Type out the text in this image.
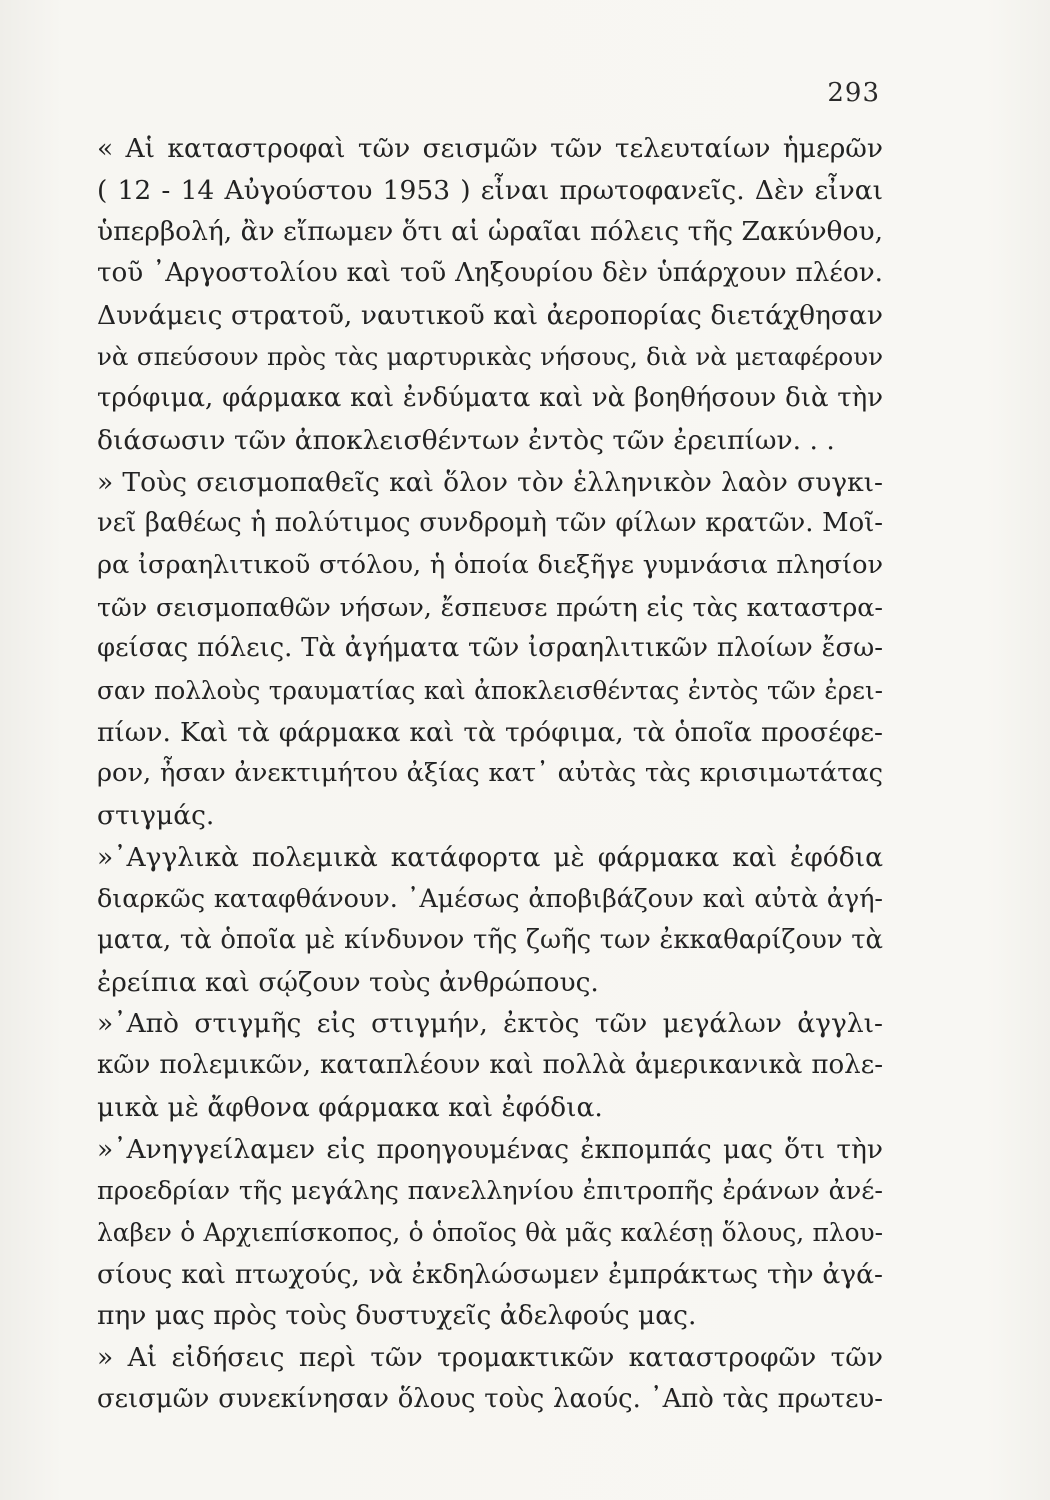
293
« Αἱ καταστροφαὶ τῶν σεισμῶν τῶν τελευταίων ἡμερῶν
( 12 - 14 Αὐγούστου 1953 ) εἶναι πρωτοφανεῖς. Δὲν εἶναι
ὑπερβολή, ἂν εἴπωμεν ὅτι αἱ ὡραῖαι πόλεις τῆς Ζακύνθου,
τοῦ ᾿Αργοστολίου καὶ τοῦ Ληξουρίου δὲν ὑπάρχουν πλέον.
Δυνάμεις στρατοῦ, ναυτικοῦ καὶ ἀεροπορίας διετάχθησαν
νὰ σπεύσουν πρὸς τὰς μαρτυρικὰς νήσους, διὰ νὰ μεταφέρουν
τρόφιμα, φάρμακα καὶ ἐνδύματα καὶ νὰ βοηθήσουν διὰ τὴν
διάσωσιν τῶν ἀποκλεισθέντων ἐντὸς τῶν ἐρειπίων. . .
» Τοὺς σεισμοπαθεῖς καὶ ὅλον τὸν ἑλληνικὸν λαὸν συγκι-
νεῖ βαθέως ἡ πολύτιμος συνδρομὴ τῶν φίλων κρατῶν. Μοῖ-
ρα ἰσραηλιτικοῦ στόλου, ἡ ὁποία διεξῆγε γυμνάσια πλησίον
τῶν σεισμοπαθῶν νήσων, ἔσπευσε πρώτη εἰς τὰς καταστρα-
φείσας πόλεις. Τὰ ἀγήματα τῶν ἰσραηλιτικῶν πλοίων ἔσω-
σαν πολλοὺς τραυματίας καὶ ἀποκλεισθέντας ἐντὸς τῶν ἐρει-
πίων. Καὶ τὰ φάρμακα καὶ τὰ τρόφιμα, τὰ ὁποῖα προσέφε-
ρον, ἦσαν ἀνεκτιμήτου ἀξίας κατ᾽ αὐτὰς τὰς κρισιμωτάτας
στιγμάς.
»᾿Αγγλικὰ πολεμικὰ κατάφορτα μὲ φάρμακα καὶ ἐφόδια
διαρκῶς καταφθάνουν. ᾿Αμέσως ἀποβιβάζουν καὶ αὐτὰ ἀγή-
ματα, τὰ ὁποῖα μὲ κίνδυνον τῆς ζωῆς των ἐκκαθαρίζουν τὰ
ἐρείπια καὶ σῴζουν τοὺς ἀνθρώπους.
»᾿Απὸ στιγμῆς εἰς στιγμήν, ἐκτὸς τῶν μεγάλων ἀγγλι-
κῶν πολεμικῶν, καταπλέουν καὶ πολλὰ ἀμερικανικὰ πολε-
μικὰ μὲ ἄφθονα φάρμακα καὶ ἐφόδια.
»᾿Ανηγγείλαμεν εἰς προηγουμένας ἐκπομπάς μας ὅτι τὴν
προεδρίαν τῆς μεγάλης πανελληνίου ἐπιτροπῆς ἐράνων ἀνέ-
λαβεν ὁ Αρχιεπίσκοπος, ὁ ὁποῖος θὰ μᾶς καλέσῃ ὅλους, πλου-
σίους καὶ πτωχούς, νὰ ἐκδηλώσωμεν ἐμπράκτως τὴν ἀγά-
πην μας πρὸς τοὺς δυστυχεῖς ἀδελφούς μας.
» Αἱ εἰδήσεις περὶ τῶν τρομακτικῶν καταστροφῶν τῶν
σεισμῶν συνεκίνησαν ὅλους τοὺς λαούς. ᾿Απὸ τὰς πρωτευ-
